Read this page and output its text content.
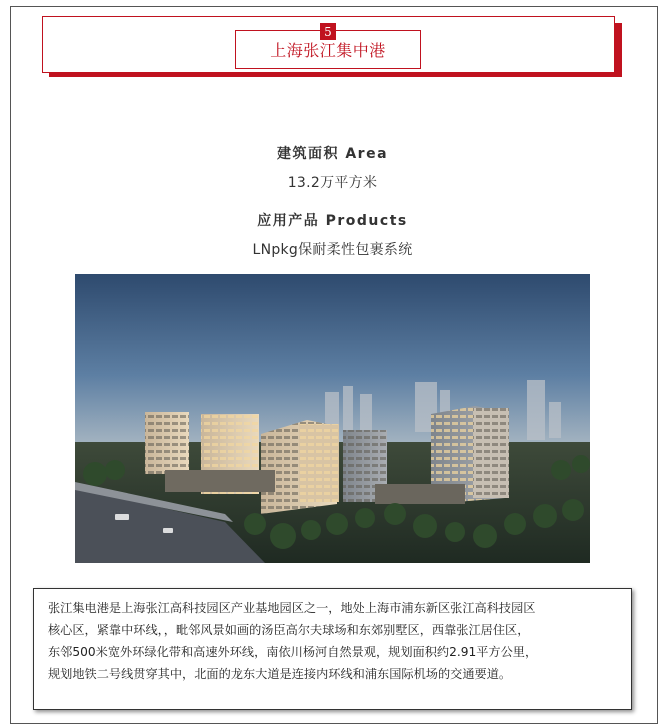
上海张江集中港
5
建筑面积 Area
13.2万平方米
应用产品 Products
LNpkg保耐柔性包裹系统
张江集电港是上海张江高科技园区产业基地园区之一，地处上海市浦东新区张江高科技园区
核心区，紧靠中环线，，毗邻风景如画的汤臣高尔夫球场和东郊别墅区，西靠张江居住区，
东邻500米宽外环绿化带和高速外环线，南依川杨河自然景观，规划面积约2.91平方公里，
规划地铁二号线贯穿其中，北面的龙东大道是连接内环线和浦东国际机场的交通要道。
